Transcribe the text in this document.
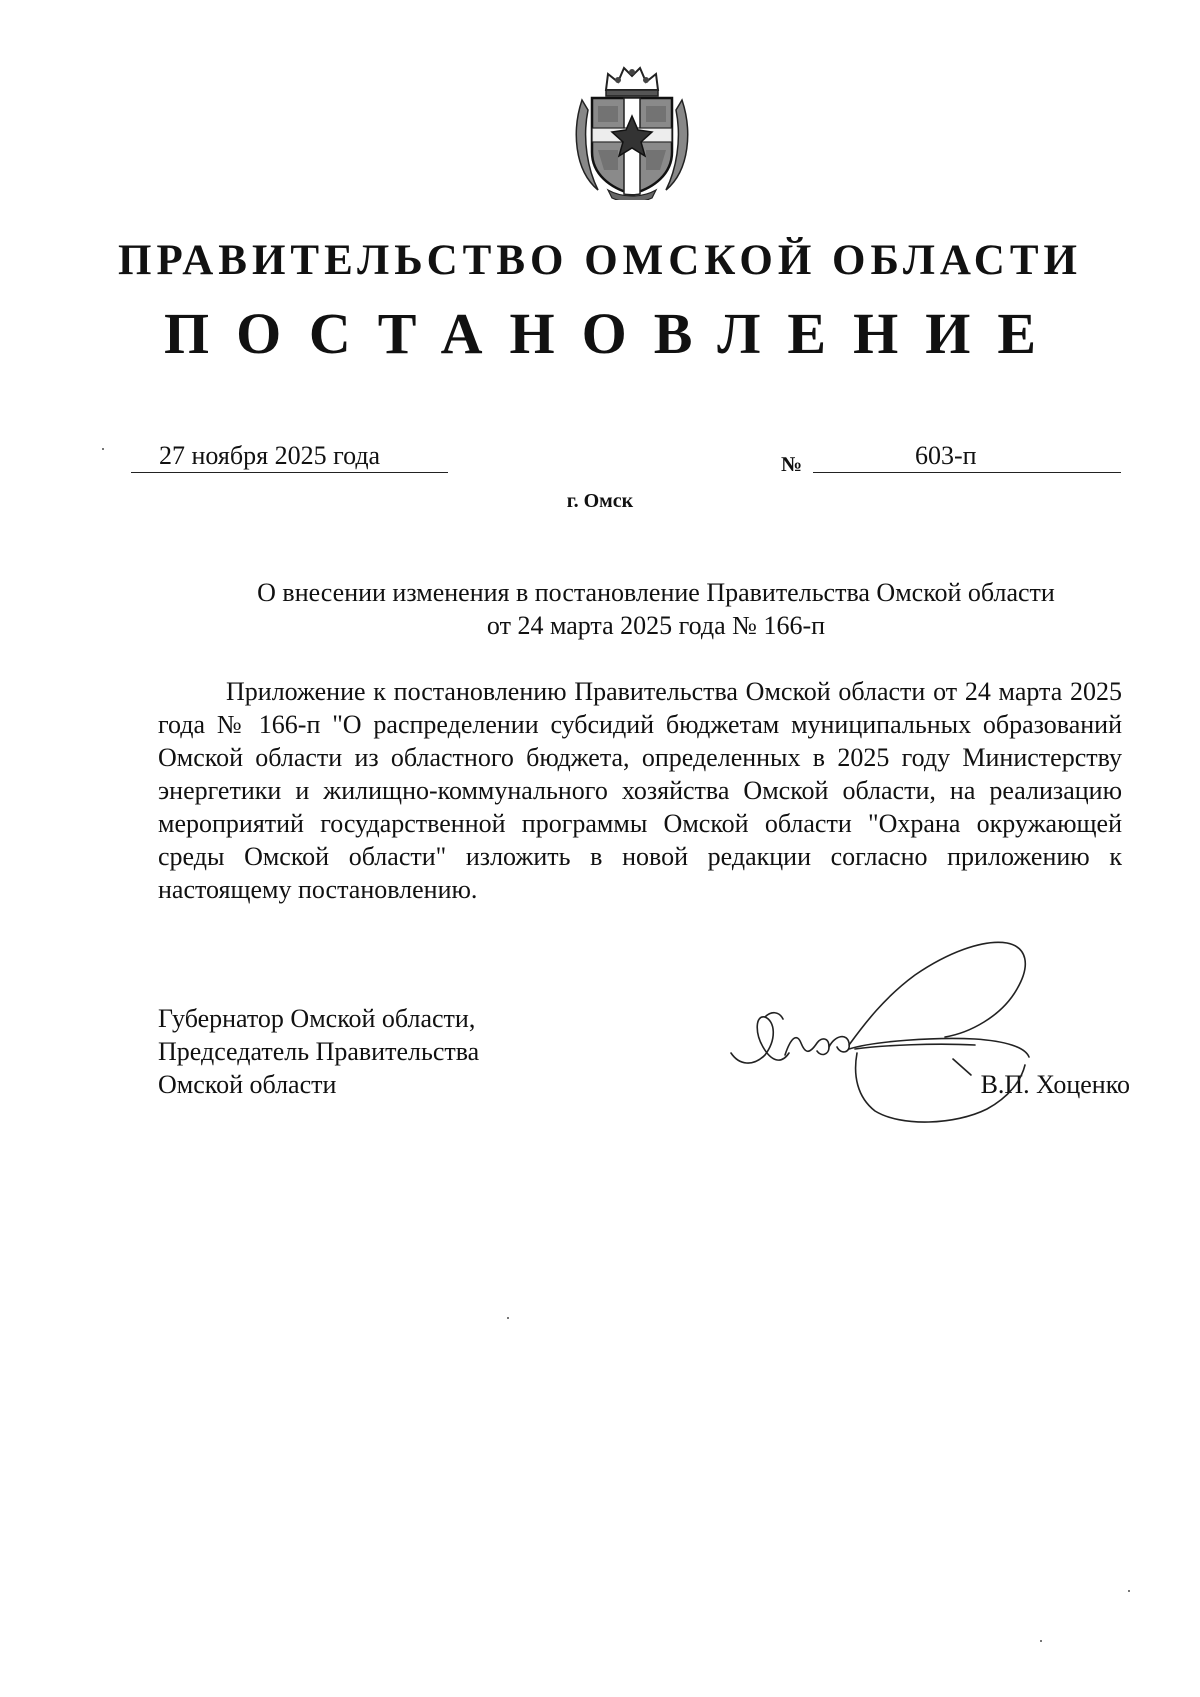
ПРАВИТЕЛЬСТВО ОМСКОЙ ОБЛАСТИ
ПОСТАНОВЛЕНИЕ
27 ноября 2025 года	№	603-п
г. Омск
О внесении изменения в постановление Правительства Омской области
от 24 марта 2025 года № 166-п

Приложение к постановлению Правительства Омской области от 24 марта 2025 года № 166-п "О распределении субсидий бюджетам муниципальных образований Омской области из областного бюджета, определенных в 2025 году Министерству энергетики и жилищно-коммунального хозяйства Омской области, на реализацию мероприятий государственной программы Омской области "Охрана окружающей среды Омской области" изложить в новой редакции согласно приложению к настоящему постановлению.

Губернатор Омской области,
Председатель Правительства
Омской области	В.П. Хоценко
